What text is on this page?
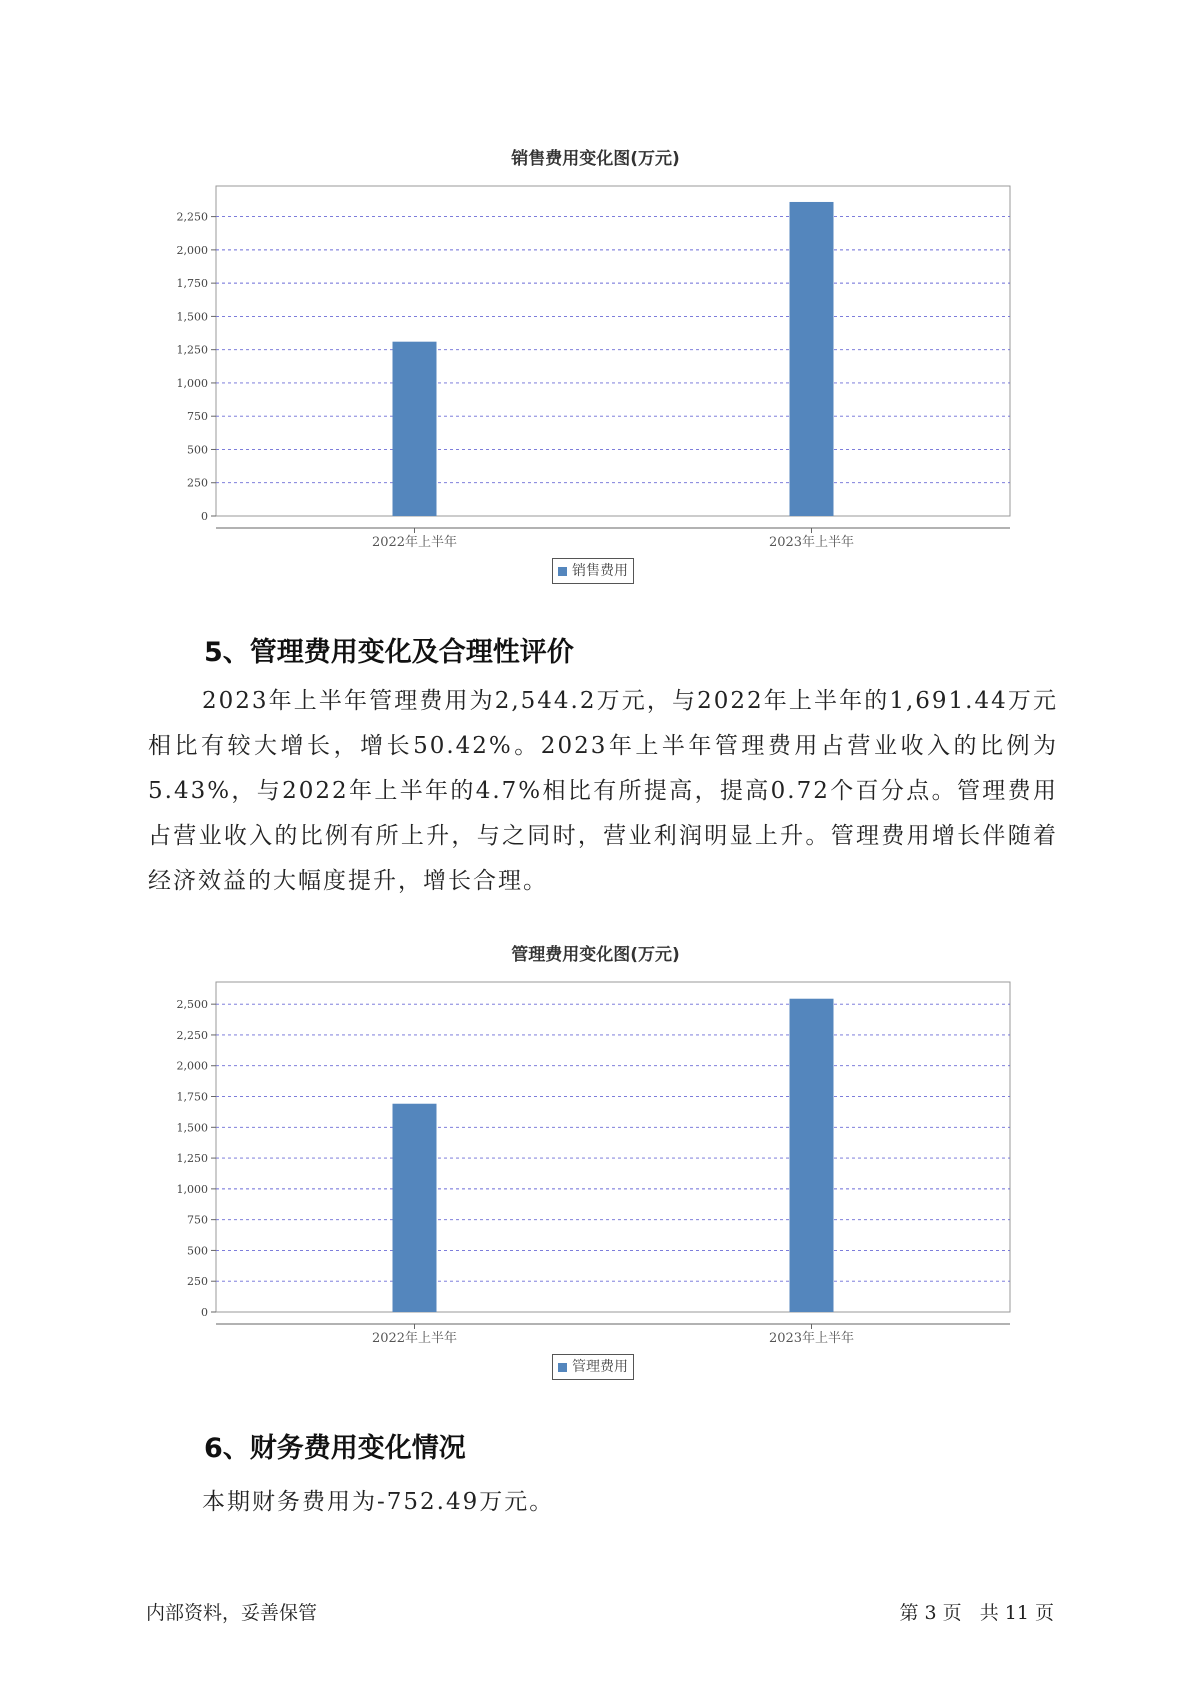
销售费用变化图(万元)
0
250
500
750
1,000
1,250
1,500
1,750
2,000
2,250
2022年上半年	2023年上半年
销售费用
5、管理费用变化及合理性评价

2023年上半年管理费用为2,544.2万元，与2022年上半年的1,691.44万元相比有较大增长，增长50.42%。2023年上半年管理费用占营业收入的比例为5.43%，与2022年上半年的4.7%相比有所提高，提高0.72个百分点。管理费用占营业收入的比例有所上升，与之同时，营业利润明显上升。管理费用增长伴随着经济效益的大幅度提升，增长合理。

管理费用变化图(万元)
0
250
500
750
1,000
1,250
1,500
1,750
2,000
2,250
2,500
2022年上半年	2023年上半年
管理费用
6、财务费用变化情况

本期财务费用为-752.49万元。

内部资料，妥善保管	第 3 页   共 11 页
